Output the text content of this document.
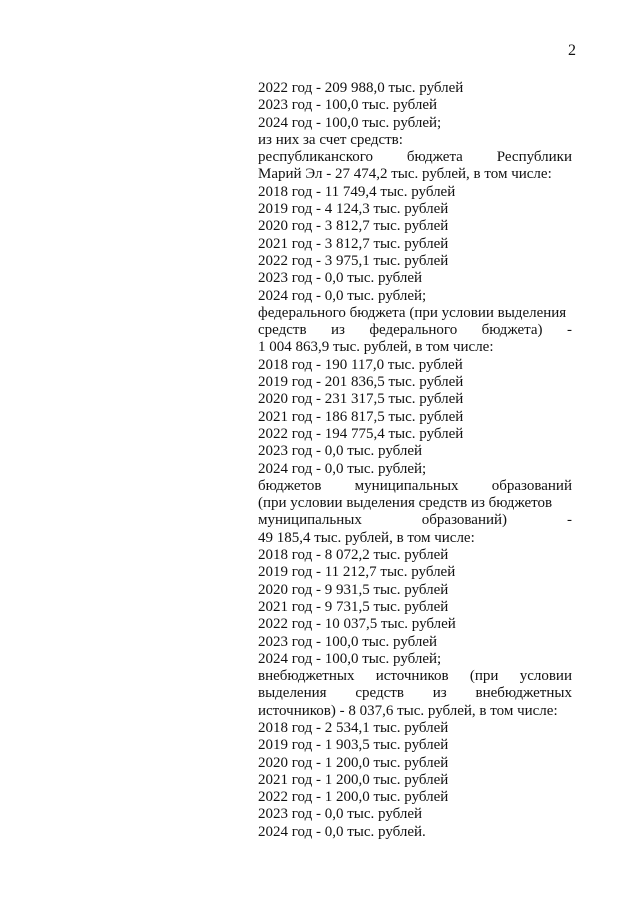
2
2022 год - 209 988,0 тыс. рублей
2023 год - 100,0 тыс. рублей
2024 год - 100,0 тыс. рублей;
из них за счет средств:
республиканского бюджета Республики
Марий Эл - 27 474,2 тыс. рублей, в том числе:
2018 год - 11 749,4 тыс. рублей
2019 год - 4 124,3 тыс. рублей
2020 год - 3 812,7 тыс. рублей
2021 год - 3 812,7 тыс. рублей
2022 год - 3 975,1 тыс. рублей
2023 год - 0,0 тыс. рублей
2024 год - 0,0 тыс. рублей;
федерального бюджета (при условии выделения
средств из федерального бюджета) -
1 004 863,9 тыс. рублей, в том числе:
2018 год - 190 117,0 тыс. рублей
2019 год - 201 836,5 тыс. рублей
2020 год - 231 317,5 тыс. рублей
2021 год - 186 817,5 тыс. рублей
2022 год - 194 775,4 тыс. рублей
2023 год - 0,0 тыс. рублей
2024 год - 0,0 тыс. рублей;
бюджетов муниципальных образований
(при условии выделения средств из бюджетов
муниципальных	образований)	-
49 185,4 тыс. рублей, в том числе:
2018 год - 8 072,2 тыс. рублей
2019 год - 11 212,7 тыс. рублей
2020 год - 9 931,5 тыс. рублей
2021 год - 9 731,5 тыс. рублей
2022 год - 10 037,5 тыс. рублей
2023 год - 100,0 тыс. рублей
2024 год - 100,0 тыс. рублей;
внебюджетных источников (при условии
выделения средств из внебюджетных
источников) - 8 037,6 тыс. рублей, в том числе:
2018 год - 2 534,1 тыс. рублей
2019 год - 1 903,5 тыс. рублей
2020 год - 1 200,0 тыс. рублей
2021 год - 1 200,0 тыс. рублей
2022 год - 1 200,0 тыс. рублей
2023 год - 0,0 тыс. рублей
2024 год - 0,0 тыс. рублей.
